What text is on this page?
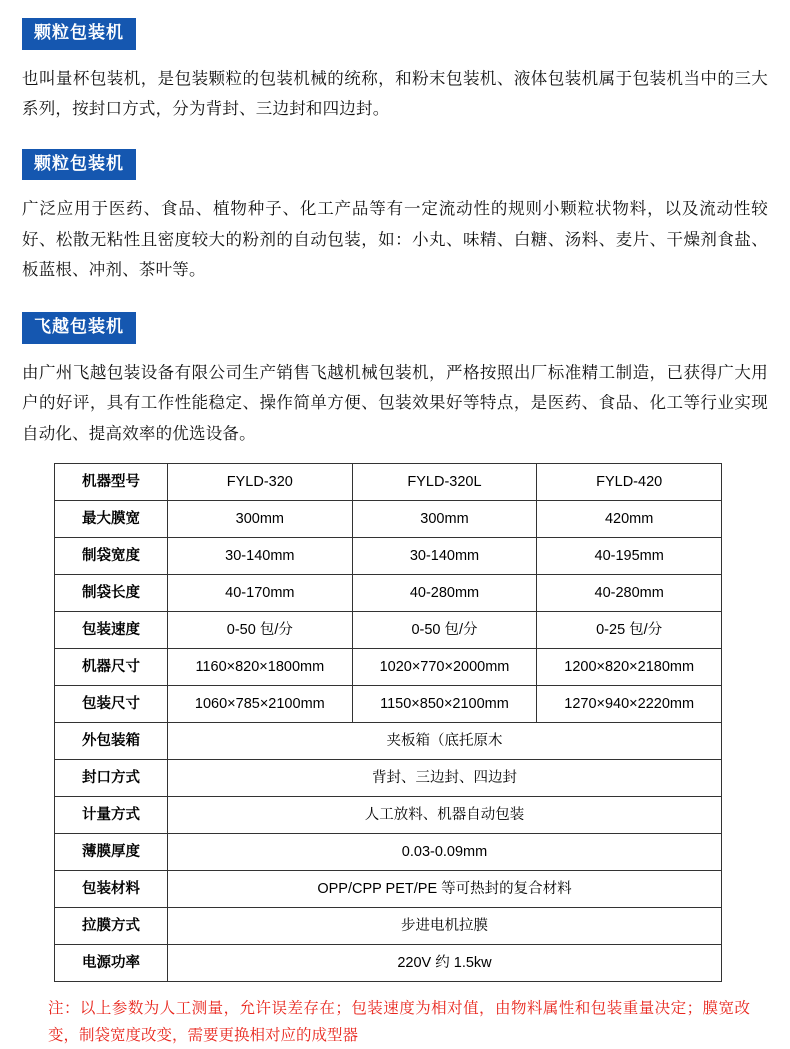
颗粒包装机

也叫量杯包装机，是包装颗粒的包装机械的统称，和粉末包装机、液体包装机属于包装机当中的三大系列，按封口方式，分为背封、三边封和四边封。

颗粒包装机

广泛应用于医药、食品、植物种子、化工产品等有一定流动性的规则小颗粒状物料，以及流动性较好、松散无粘性且密度较大的粉剂的自动包装，如：小丸、味精、白糖、汤料、麦片、干燥剂食盐、板蓝根、冲剂、茶叶等。

飞越包装机

由广州飞越包装设备有限公司生产销售飞越机械包装机，严格按照出厂标准精工制造，已获得广大用户的好评，具有工作性能稳定、操作简单方便、包装效果好等特点，是医药、食品、化工等行业实现自动化、提高效率的优选设备。

机器型号	FYLD-320	FYLD-320L	FYLD-420
最大膜宽	300mm	300mm	420mm
制袋宽度	30-140mm	30-140mm	40-195mm
制袋长度	40-170mm	40-280mm	40-280mm
包装速度	0-50 包/分	0-50 包/分	0-25 包/分
机器尺寸	1160×820×1800mm	1020×770×2000mm	1200×820×2180mm
包装尺寸	1060×785×2100mm	1150×850×2100mm	1270×940×2220mm
外包装箱	夹板箱（底托原木		
封口方式	背封、三边封、四边封		
计量方式	人工放料、机器自动包装		
薄膜厚度	0.03-0.09mm		
包装材料	OPP/CPP PET/PE 等可热封的复合材料		
拉膜方式	步进电机拉膜		
电源功率	220V 约 1.5kw		
注：以上参数为人工测量，允许误差存在；包装速度为相对值，由物料属性和包装重量决定；膜宽改变，制袋宽度改变，需要更换相对应的成型器
